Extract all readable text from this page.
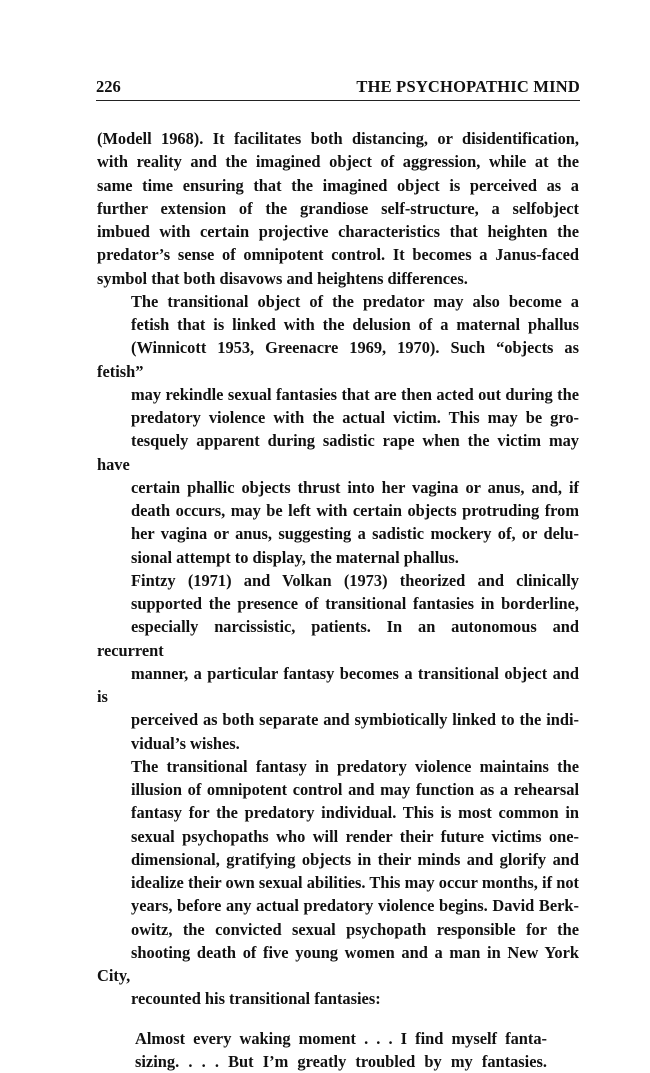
226	THE PSYCHOPATHIC MIND

(Modell 1968). It facilitates both distancing, or disidentification,
with reality and the imagined object of aggression, while at the
same time ensuring that the imagined object is perceived as a
further extension of the grandiose self-structure, a selfobject
imbued with certain projective characteristics that heighten the
predator’s sense of omnipotent control. It becomes a Janus-faced
symbol that both disavows and heightens differences.

The transitional object of the predator may also become a
fetish that is linked with the delusion of a maternal phallus
(Winnicott 1953, Greenacre 1969, 1970). Such “objects as fetish”
may rekindle sexual fantasies that are then acted out during the
predatory violence with the actual victim. This may be gro-
tesquely apparent during sadistic rape when the victim may have
certain phallic objects thrust into her vagina or anus, and, if
death occurs, may be left with certain objects protruding from
her vagina or anus, suggesting a sadistic mockery of, or delu-
sional attempt to display, the maternal phallus.

Fintzy (1971) and Volkan (1973) theorized and clinically
supported the presence of transitional fantasies in borderline,
especially narcissistic, patients. In an autonomous and recurrent
manner, a particular fantasy becomes a transitional object and is
perceived as both separate and symbiotically linked to the indi-
vidual’s wishes.

The transitional fantasy in predatory violence maintains the
illusion of omnipotent control and may function as a rehearsal
fantasy for the predatory individual. This is most common in
sexual psychopaths who will render their future victims one-
dimensional, gratifying objects in their minds and glorify and
idealize their own sexual abilities. This may occur months, if not
years, before any actual predatory violence begins. David Berk-
owitz, the convicted sexual psychopath responsible for the
shooting death of five young women and a man in New York City,
recounted his transitional fantasies:

Almost every waking moment . . . I find myself fanta-
sizing. . . . But I’m greatly troubled by my fantasies.
